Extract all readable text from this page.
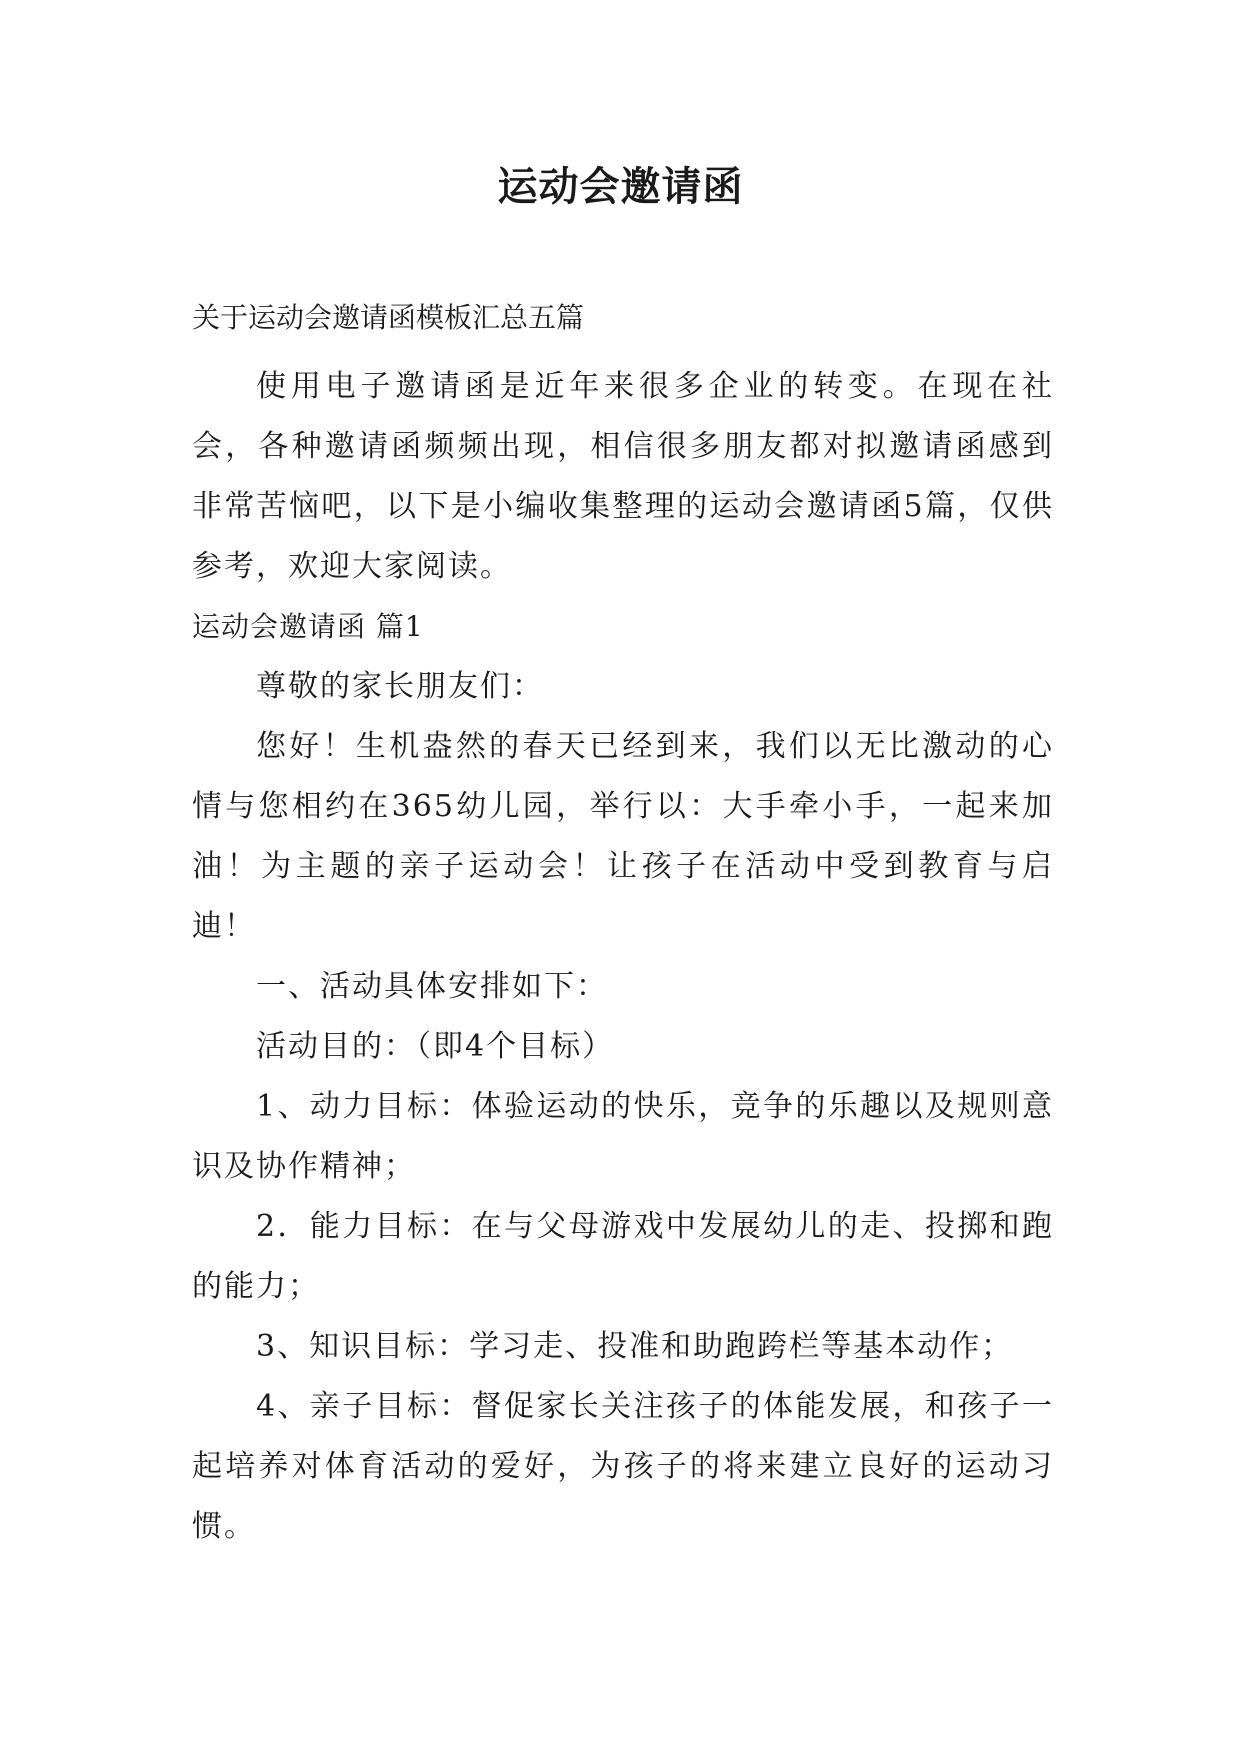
运动会邀请函
关于运动会邀请函模板汇总五篇

使用电子邀请函是近年来很多企业的转变。在现在社会，各种邀请函频频出现，相信很多朋友都对拟邀请函感到非常苦恼吧，以下是小编收集整理的运动会邀请函5篇，仅供参考，欢迎大家阅读。

运动会邀请函 篇1

尊敬的家长朋友们：

您好！生机盎然的春天已经到来，我们以无比激动的心情与您相约在365幼儿园，举行以：大手牵小手，一起来加油！为主题的亲子运动会！让孩子在活动中受到教育与启迪！

一、活动具体安排如下：

活动目的：（即4个目标）

1、动力目标：体验运动的快乐，竞争的乐趣以及规则意识及协作精神；

2．能力目标：在与父母游戏中发展幼儿的走、投掷和跑的能力；

3、知识目标：学习走、投准和助跑跨栏等基本动作；

4、亲子目标：督促家长关注孩子的体能发展，和孩子一起培养对体育活动的爱好，为孩子的将来建立良好的运动习惯。
